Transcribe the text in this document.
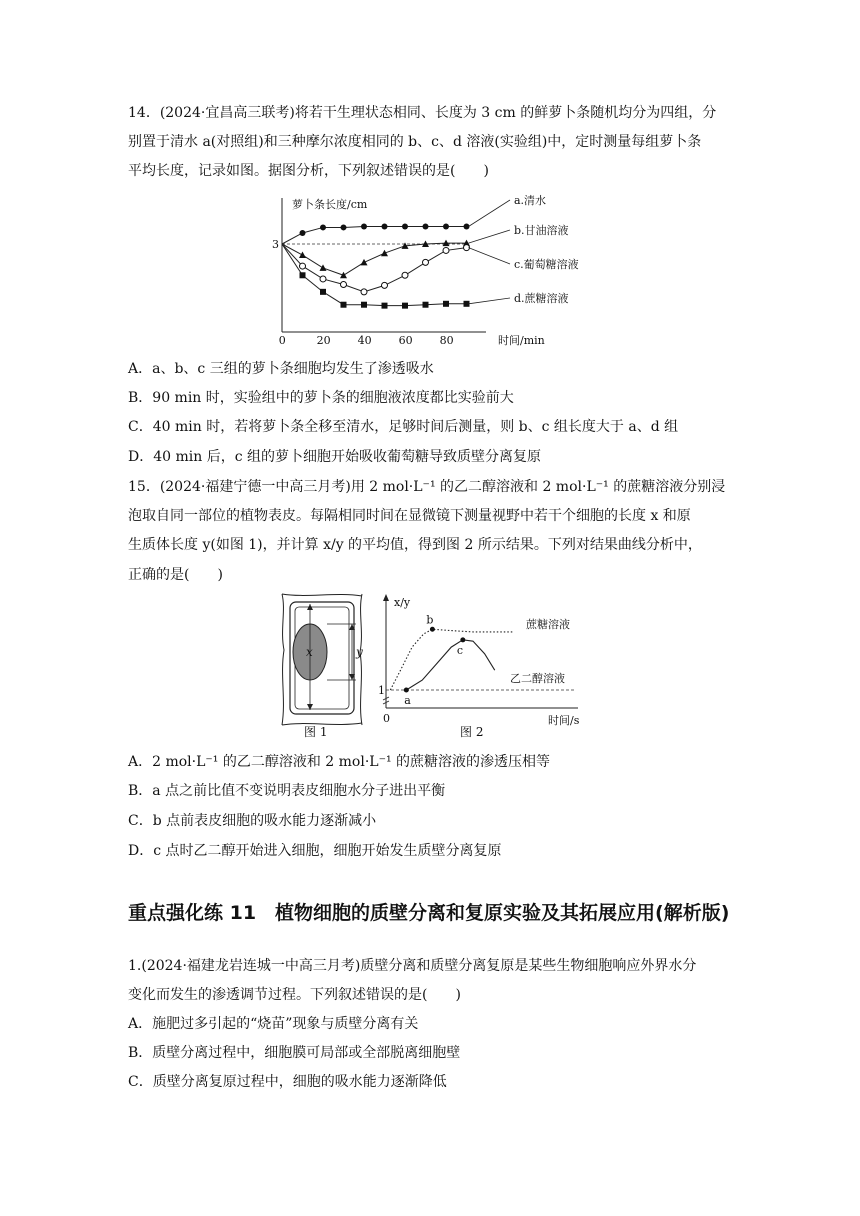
14．(2024·宜昌高三联考)将若干生理状态相同、长度为 3 cm 的鲜萝卜条随机均分为四组，分
别置于清水 a(对照组)和三种摩尔浓度相同的 b、c、d 溶液(实验组)中，定时测量每组萝卜条
平均长度，记录如图。据图分析，下列叙述错误的是(　　)
萝卜条长度/cm
时间/min
3
0	20 40 60 80
a.清水
b.甘油溶液
c.葡萄糖溶液
d.蔗糖溶液
A．a、b、c 三组的萝卜条细胞均发生了渗透吸水
B．90 min 时，实验组中的萝卜条的细胞液浓度都比实验前大
C．40 min 时，若将萝卜条全移至清水，足够时间后测量，则 b、c 组长度大于 a、d 组
D．40 min 后，c 组的萝卜细胞开始吸收葡萄糖导致质壁分离复原
15．(2024·福建宁德一中高三月考)用 2 mol·L⁻¹ 的乙二醇溶液和 2 mol·L⁻¹ 的蔗糖溶液分别浸
泡取自同一部位的植物表皮。每隔相同时间在显微镜下测量视野中若干个细胞的长度 x 和原
生质体长度 y(如图 1)，并计算 x/y 的平均值，得到图 2 所示结果。下列对结果曲线分析中，
正确的是(　　)
x	y
图 1
x/y
时间/s
1
0
图 2
蔗糖溶液
乙二醇溶液
a
b
c
A．2 mol·L⁻¹ 的乙二醇溶液和 2 mol·L⁻¹ 的蔗糖溶液的渗透压相等
B．a 点之前比值不变说明表皮细胞水分子进出平衡
C．b 点前表皮细胞的吸水能力逐渐减小
D．c 点时乙二醇开始进入细胞，细胞开始发生质壁分离复原
重点强化练 11　植物细胞的质壁分离和复原实验及其拓展应用(解析版)
1.(2024·福建龙岩连城一中高三月考)质壁分离和质壁分离复原是某些生物细胞响应外界水分
变化而发生的渗透调节过程。下列叙述错误的是(　　)
A．施肥过多引起的“烧苗”现象与质壁分离有关
B．质壁分离过程中，细胞膜可局部或全部脱离细胞壁
C．质壁分离复原过程中，细胞的吸水能力逐渐降低
